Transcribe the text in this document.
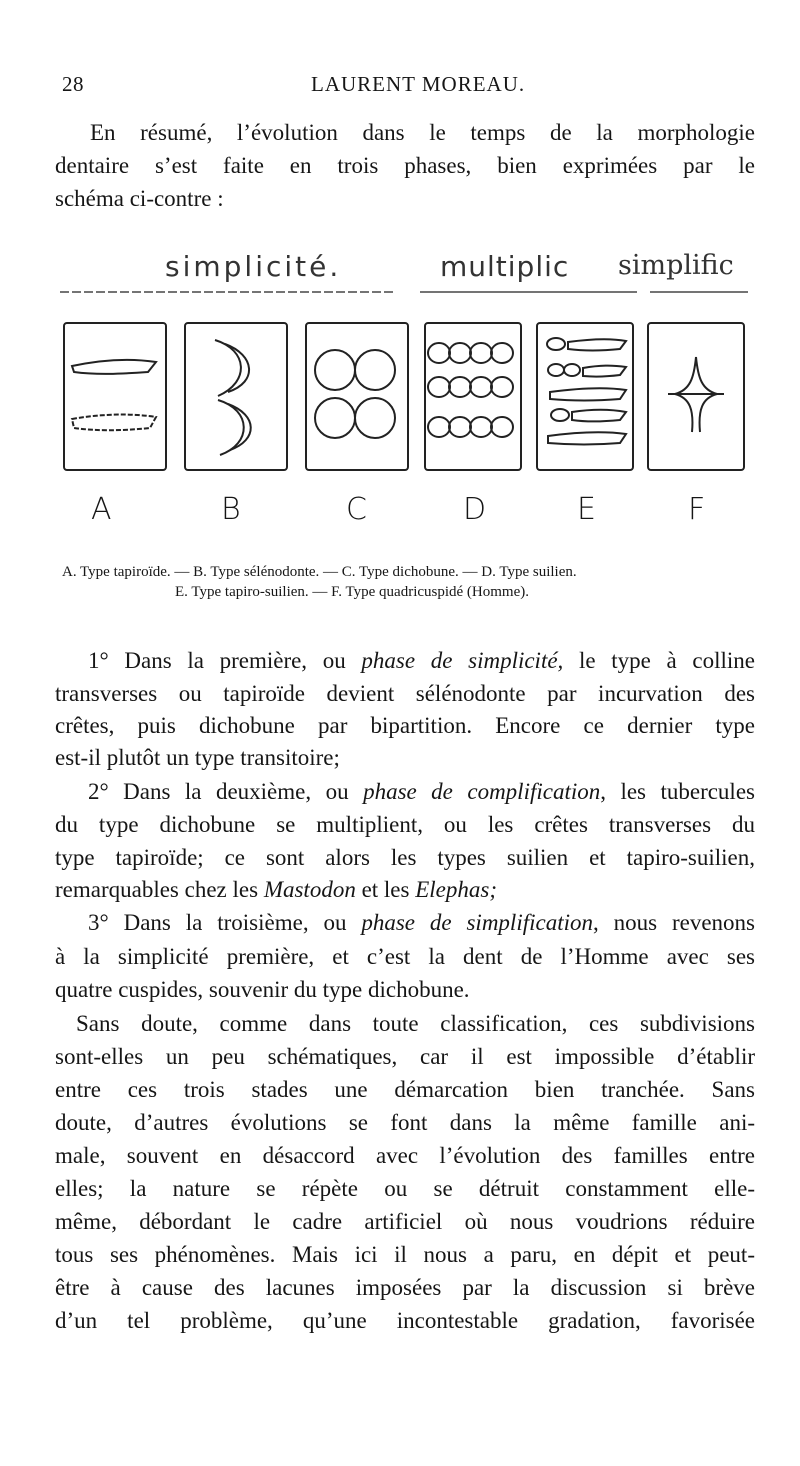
28	LAURENT MOREAU.
En résumé, l’évolution dans le temps de la morphologie
dentaire s’est faite en trois phases, bien exprimées par le
schéma ci-contre :
simplicité.	multiplic simplific
A	B	C	D	E	F
A. Type tapiroïde. — B. Type sélénodonte. — C. Type dichobune. — D. Type suilien.
E. Type tapiro-suilien. — F. Type quadricuspidé (Homme).
1° Dans la première, ou phase de simplicité, le type à colline
transverses ou tapiroïde devient sélénodonte par incurvation des
crêtes, puis dichobune par bipartition. Encore ce dernier type
est-il plutôt un type transitoire;
2° Dans la deuxième, ou phase de complification, les tubercules
du type dichobune se multiplient, ou les crêtes transverses du
type tapiroïde; ce sont alors les types suilien et tapiro-suilien,
remarquables chez les Mastodon et les Elephas;
3° Dans la troisième, ou phase de simplification, nous revenons
à la simplicité première, et c’est la dent de l’Homme avec ses
quatre cuspides, souvenir du type dichobune.
Sans doute, comme dans toute classification, ces subdivisions
sont-elles un peu schématiques, car il est impossible d’établir
entre ces trois stades une démarcation bien tranchée. Sans
doute, d’autres évolutions se font dans la même famille ani-
male, souvent en désaccord avec l’évolution des familles entre
elles; la nature se répète ou se détruit constamment elle-
même, débordant le cadre artificiel où nous voudrions réduire
tous ses phénomènes. Mais ici il nous a paru, en dépit et peut-
être à cause des lacunes imposées par la discussion si brève
d’un tel problème, qu’une incontestable gradation, favorisée
